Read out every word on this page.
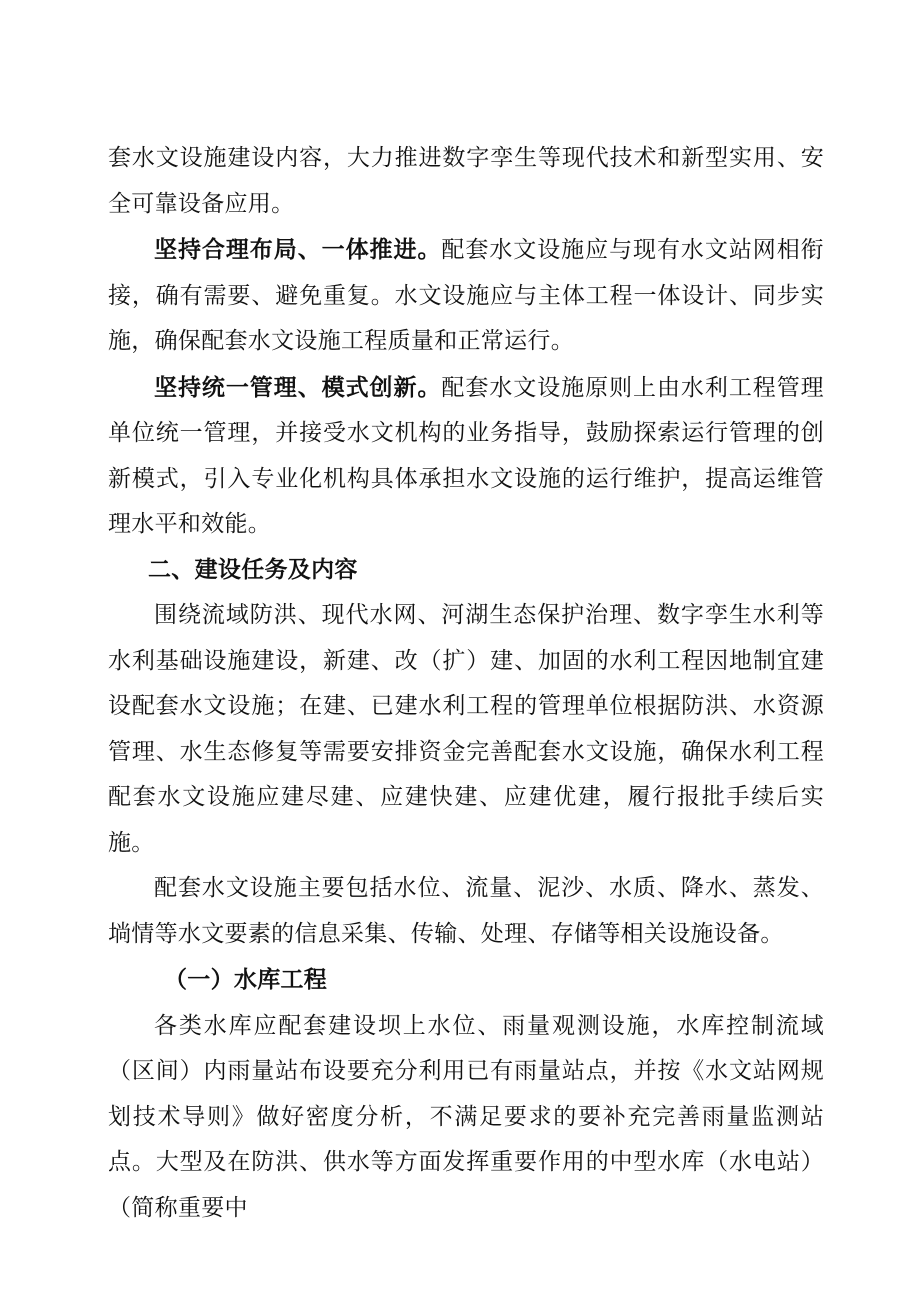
套水文设施建设内容，大力推进数字孪生等现代技术和新型实用、安全可靠设备应用。

坚持合理布局、一体推进。配套水文设施应与现有水文站网相衔接，确有需要、避免重复。水文设施应与主体工程一体设计、同步实施，确保配套水文设施工程质量和正常运行。

坚持统一管理、模式创新。配套水文设施原则上由水利工程管理单位统一管理，并接受水文机构的业务指导，鼓励探索运行管理的创新模式，引入专业化机构具体承担水文设施的运行维护，提高运维管理水平和效能。

二、建设任务及内容

围绕流域防洪、现代水网、河湖生态保护治理、数字孪生水利等水利基础设施建设，新建、改（扩）建、加固的水利工程因地制宜建设配套水文设施；在建、已建水利工程的管理单位根据防洪、水资源管理、水生态修复等需要安排资金完善配套水文设施，确保水利工程配套水文设施应建尽建、应建快建、应建优建，履行报批手续后实施。

配套水文设施主要包括水位、流量、泥沙、水质、降水、蒸发、埫情等水文要素的信息采集、传输、处理、存储等相关设施设备。

（一）水库工程

各类水库应配套建设坝上水位、雨量观测设施，水库控制流域（区间）内雨量站布设要充分利用已有雨量站点，并按《水文站网规划技术导则》做好密度分析，不满足要求的要补充完善雨量监测站点。大型及在防洪、供水等方面发挥重要作用的中型水库（水电站）（简称重要中
